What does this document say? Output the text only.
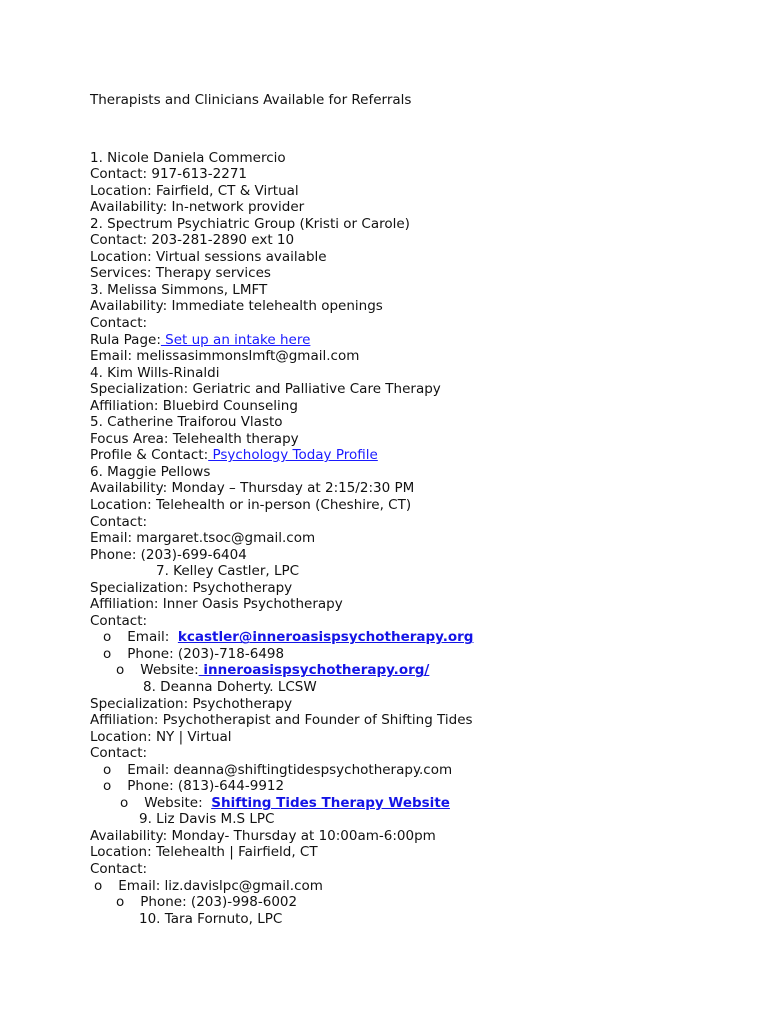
Therapists and Clinicians Available for Referrals
1. Nicole Daniela Commercio
Contact: 917-613-2271
Location: Fairfield, CT & Virtual
Availability: In-network provider
2. Spectrum Psychiatric Group (Kristi or Carole)
Contact: 203-281-2890 ext 10
Location: Virtual sessions available
Services: Therapy services
3. Melissa Simmons, LMFT
Availability: Immediate telehealth openings
Contact:
Rula Page: Set up an intake here
Email: melissasimmonslmft@gmail.com
4. Kim Wills-Rinaldi
Specialization: Geriatric and Palliative Care Therapy
Affiliation: Bluebird Counseling
5. Catherine Traiforou Vlasto
Focus Area: Telehealth therapy
Profile & Contact: Psychology Today Profile
6. Maggie Pellows
Availability: Monday – Thursday at 2:15/2:30 PM
Location: Telehealth or in-person (Cheshire, CT)
Contact:
Email: margaret.tsoc@gmail.com
Phone: (203)-699-6404
7. Kelley Castler, LPC
Specialization: Psychotherapy
Affiliation: Inner Oasis Psychotherapy
Contact:
o Email: kcastler@inneroasispsychotherapy.org
o Phone: (203)-718-6498
o Website: inneroasispsychotherapy.org/
8. Deanna Doherty. LCSW
Specialization: Psychotherapy
Affiliation: Psychotherapist and Founder of Shifting Tides
Location: NY | Virtual
Contact:
o Email: deanna@shiftingtidespsychotherapy.com
o Phone: (813)-644-9912
o Website: Shifting Tides Therapy Website
9. Liz Davis M.S LPC
Availability: Monday- Thursday at 10:00am-6:00pm
Location: Telehealth | Fairfield, CT
Contact:
o Email: liz.davislpc@gmail.com
o Phone: (203)-998-6002
10. Tara Fornuto, LPC
